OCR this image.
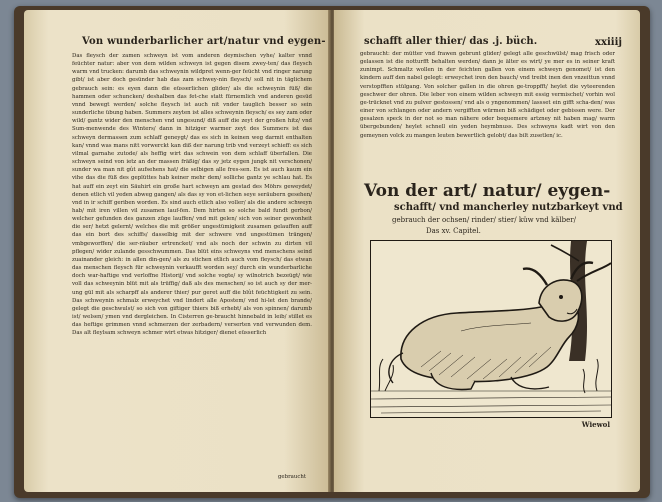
Von wunderbarlicher art/natur vnd eygen-
Das fleysch der zamen schweyn ist vom anderen deymischen vyhe/ kalter vnnd feüchter natur: aber von dem wilden schweyn ist gegen disem zwey-ten/ das fleysch warm vnd trucken: darumb das schweynin wildpret wenn-ger feücht vnd ringer narung gibt/ ist aber doch gesünder hab das zam schwey-nin fleysch/ soll nit in täglichem gebrauch sein: es eyen dann die eüsserlichen glider/ als die schweynin füß/ die hammen oder schuncken/ deshalben das fet-che statt fürnemlich vnd anderen gesüd vnnd bewegt werden/ solche fleysch ist auch nit vnder tauglich besser so sein sunderliche übung haben. Summers zeyten ist alles schweynin fleysch/ es sey zam oder wild/ gantz wider den menschen vnd ungesund/ diß auff die zeyt der großen hitz/ vnd Sum-menwende des Winters/ dann in hitziger warmer zeyt des Summers ist das schweyn dermassen zum schlaff geneygt/ das es sich in keinen weg darmit enthalten kan/ vnnd was mans nitt vorwerckt kan diß der narung trib vnd verzeyt schieff: es sich vilmal garnahe zutode/ als heffig wirt das schwein von dem schlaff überfallen. Die schweyn seind von ietz an der massen fräßig/ das sy jetz eygen jungk nit verschonen/ sunder wa man nit gût aufsehens hat/ die selbigen alle fres-sen. Es ist auch kaum ein vihe das die füß des geplüttes hab keiner mehr dem/ solliche gantz ye schlau hat. Es hat auff ein zeyt ein Säuhirt ein große hart schweyn am gestad des Möhrs geweydet/ denen etlich vil yeden abweg gangen/ als das sy von et-lichen seye seräubern gesehen/ vnd in ir schiff geriben worden. Es sind auch etlich also voller/ als die andere schweyn hab/ mit iren villen vil zusamen lauf-fen. Dem hirten so solche bald fundt gerbon/ welcher gefunden des ganzen züge lauffen/ vnd mit gelen/ sich von seiner gewonheit die ser/ hetzt gelernt/ welches die mit größer ungestümigkeit zusamen gelauffen auff das ein bort des schiffs/ dasselbig mit der schwere vnd ungestümen trängen/ vmbgeworffen/ die ser-räuber ertrencket/ vnd als noch der schwin zu dirten vil pflegen/ wider zulande gesschwummen. Das blüt eins schweyns vnd menschens seind zuainander gleich: in allen din-gen/ als zu stichen etlich auch vom fleysch/ das etwan das menschen fleysch für schweynin verkaufft worden sey/ durch ein wunderbarliche doch war-haftige vnd verloffne Historij/ vnd solche vogte/ sy wilnotrich bezeügt/ wie voll das schweynin blüt mit als trüffig/ daß als des menschen/ so ist auch sy der mer-ung gül mit als scharpff als anderer thier/ pur geret auff die blût feüchtigkeit zu sein. Das schweynin schmalz erweychet vnd lindert alle Apostem/ vnd hi-let den brande/ gelegt die geschwulst/ so sich von giftiger thiers biß erhebt/ als von spinnen/ darumb ist/ welsen/ ymen vnd dergleichen. In Cisterren ge-braucht hinnebald in leib/ stillet es das heftige grimmen vnnd schmerzen der zerbadern/ verserten vnd verwunden dem. Das alt fleylsam schweyn schmer wirt etwas hitziger/ dienet eüsserlich
gebraucht
schafft aller thier/ das .j. büch.	xxiiij
gebraucht: der mütter vnd frawen gebrunt glider/ gelegt alle geschwülst/ mag frisch oder gelassen ist die notturfft behalten werden/ dann je älter es wirt/ ye mer es in seiner kraft zunimpt. Schmaltz wollen in der feichten gallen von einem schweyn genomet/ ist den kindern auff den nabel gelegt: erweychet iren den bauch/ vnd treibt inen den vnzeittun vnnd verstopfften stülgang. Von solcher gallen in die ohren ge-troppfft/ heylet die vyteerenden geschwer der ohren. Die leber von einem wilden schweyn mit essig vermischet/ vorhin wol ge-trücknet vnd zu pulver gestossen/ vnd als o yngenommen/ lassset ein gifft scha-den/ was einer von schlangen oder andern vergifften würmen biß schädiget oder gebissen were. Der gesalzen speck in der not so man nähere oder bequemere artzney nit haben mag/ warm übergebunden/ heylet schnell ein yeden heymbnuss. Des schweyns kadt wirt von den gemeynen volck zu mangen leuten bewertlich gelobt/ das bilt zusetlen/ ic.
Von der art/ natur/ eygen-
schafft/ vnd mancherley nutzbarkeyt vnd
gebrauch der ochsen/ rinder/ stier/ küw vnd kälber/
Das xv. Capitel.
Wiewol
